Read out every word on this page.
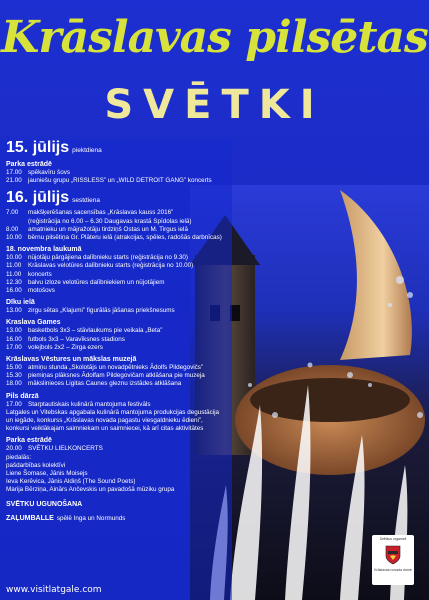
Krāslavas pilsētas
SVĒTKI
15. jūlijs piektdiena
Parka estrādē
17.00 spēkavīru šovs
21.00 jauniešu grupu „RISSLESS” un „WILD DETROIT GANG” koncerts
16. jūlijs sestdiena
7.00	makšķerēšanas sacensības „Krāslavas kauss 2016”
(reģistrācija no 6.00 – 6.30 Daugavas krastā Spīdolas ielā)
8.00	amatnieku un mājražotāju tirdziņš Ostas un M. Tirgus ielā
10.00 bērnu pilsētiņa Gr. Plāteru ielā (atrakcijas, spēles, radošās darbnīcas)
18. novembra laukumā
10.00 nūjotāju pārgājiena dalībnieku starts (reģistrācija no 9.30)
11.00	Krāslavas velotūres dalībnieku starts (reģistrācija no 10.00)
11.00	koncerts
12.30 balvu izloze velotūres dalībniekiem un nūjotājiem
16.00 motošovs
Dīku ielā
13.00 zirgu sētas „Klajumi” figurālās jāšanas priekšnesums
Kraslava Games
13.00 basketbols 3x3 – stāvlaukums pie veikala „Beta”
16.00 futbols 3x3 – Varavīksnes stadions
17.00 volejbols 2x2 – Zirga ezers
Krāslavas Vēstures un mākslas muzejā
15.00 atmiņu stunda „Skolotājs un novadpētnieks Ādolfs Pildegovičs”
15.30 piemiņas plāksnes Ādolfam Pildegovičam atklāšana pie muzeja
18.00 mākslinieces Ligitas Caunes gleznu izstādes atklāšana
Pils dārzā
17.00 Starptautiskais kulinārā mantojuma festivāls
Latgales un Vitebskas apgabala kulinārā mantojuma produkcijas degustācija
un iegāde, konkurss „Krāslavas novada pagastu viesgaldnieku ēdieni”,
konkursi veiklākajam saimniekam un saimniecei, kā arī citas aktivitātes
Parka estrādē
20.00 SVĒTKU LIELKONCERTS
piedalās:
pašdarbības kolektīvi
Liene Šomase, Jānis Moisejs
Ieva Kerēvica, Jānis Aldiņš (The Sound Poets)
Marija Bērziņa, Ainārs Ančevskis un pavadošā mūziku grupa
SVĒTKU UGUNOŠANA
ZAĻUMBALLE spēlē Inga un Normunds
Svētkus organizē
Krāslavas novada dome
www.visitlatgale.com
